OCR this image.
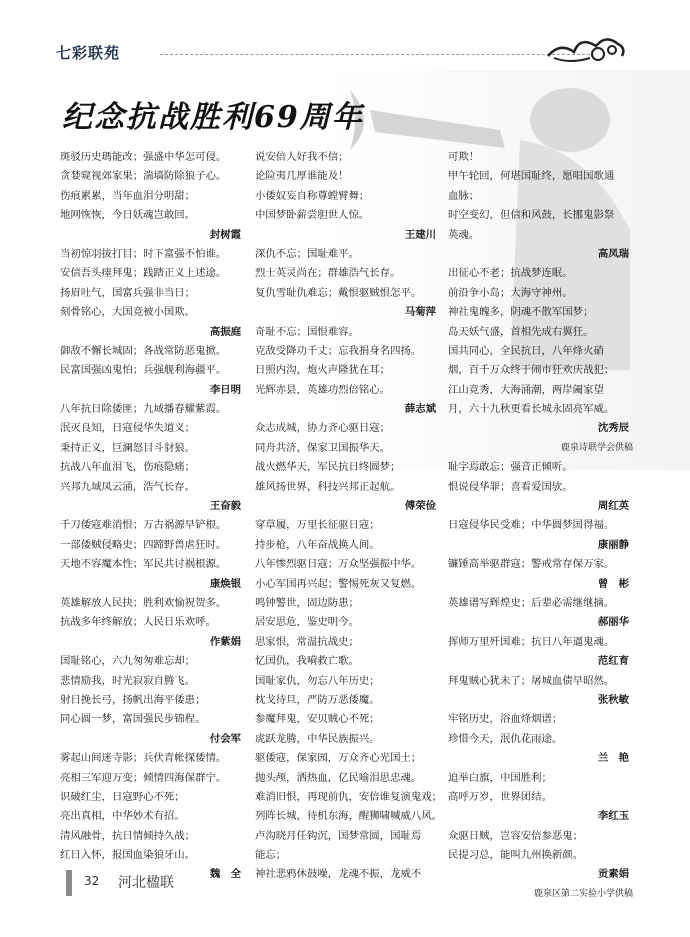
七彩联苑
纪念抗战胜利69周年
斑驳历史瑪能改；强盛中华怎可侵。
贪婪窥视郊家果；湍墙防除狼子心。
伤痕累累，当年血泪分明甜；
地网恢恢，今日妖魂岂敢回。
封树霞
当初惊羽拔打目；时下富强不怕谁。
安信吾头瘗拜鬼；践踏正义上述途。
扬眉吐气，国富兵强非当日；
刻骨铭心，大国竞被小国欺。
高振庭
御敌不懈长城固；各战常防恶鬼掀。
民富国强凶鬼怕；兵强舰利海疆平。
李日明
八年抗日除倭匪；九域播春耀紫霞。
泯灭良知，日寇侵华失道义；
秉持正义，巨澜怒目斗豺狼。
抗战八年血泪飞，伤痕隐痛；
兴邦九域凤云涌，浩气长存。
王奋毅
千刀倭寇难消恨；万古祸源早铲根。
一部倭贼侵略史；四蹄野兽虐狂时。
天地不容魔本性；军民共讨祸根源。
康焕银
英雄解放人民抉；胜利欢愉祝贺多。
抗战多年终解放；人民日乐欢呼。
作紫娟
国耻铭心，六九匆匆难忘却；
悲情励我，时光寂寂自腾飞。
射日挽长弓，扬帆出海平倭患；
同心圆一梦，富国强民步锦程。
付会军
雾起山间迷寺影；兵伏青帐探倭情。
亮相三军迎万变；倾情四海保群宁。
识破红尘，日寇野心不死；
亮出真相，中华妙术有招。
清风融骨，抗日情倾持久战；
红日入怀，报国血染狼牙山。
魏　全
说安倍人好我不信；
论险夷几厚谁能及！
小倭奴妄自称尊螳臂舞；
中国梦卧薪尝胆世人惊。
王建川
深仇不忘；国耻难平。
烈士英灵尚在；群雄浩气长存。
复仇雪耻仇难忘；戴恨驱贼恨怎平。
马菊萍
奇耻不忘；国恨难容。
克敌受降功千丈；忘我捐身名四扬。
日照内沟，炮火声隆犹在耳；
光辉赤县，英雄功烈倍铭心。
薛志斌
众志成城，协力齐心驱日寇；
同舟共济，保家卫国振华天。
战火燃华天，军民抗日终圆梦；
雄风扬世界，科技兴邦正起航。
傅荣俭
穿草履，万里长征驱日寇；
持步枪，八年奋战换人间。
八年惨烈驱日寇；万众坚强振中华。
小心军国再兴起；警惕死灰又复燃。
鸣钟警世，固边防患；
居安思危，鉴史明今。
思家恨，常温抗战史；
忆国仇，我嗬救亡歌。
国耻家仇，勿忘八年历史；
枕戈待旦，严防万恶倭魔。
参魔拜鬼，安贝贼心不死；
虎跃龙腾，中华民族振兴。
驱倭寇，保家园，万众齐心光国土；
抛头颅，洒热血，亿民喻泪思忠魂。
难消旧恨，再现前仇，安倍谁复演鬼戏；
列阵长城，待机东海，醒狮啸喊威八风。
卢沟晓月任钩沉，国梦常圆，国耻焉
能忘；
神社悲鸦休鼓噪，龙魂不振，龙威不
可欺！
甲午轮回，何堪国耻终，愿唱国歌通
血脉；
时空变幻，但信和风鼓，长挪鬼影祭
英魂。
高凤瑞
出征心不老；抗战梦连眠。
前沿争小岛；大海守神州。
神社鬼魄多，阴魂不散军国梦；
岛天妖气盛，首相先成右翼狂。
国共同心，全民抗日，八年烽火硝
烟，百千万众终于闹市狂欢庆战犯；
江山竞秀，大海涌潮，两岸阖家望
月，六十九秋更看长城永固亮军威。
沈秀辰
鹿泉诗联学会供稿
耻字焉敢忘；强音正倾听。
恨说侵华罪；喜看爱国欤。
周红英
日寇侵华民受难；中华圆梦国得福。
康丽静
镰锤高举驱群寇；警戒常存保万家。
曾　彬
英雄谱写辉煌史；后辈必需继继摘。
郝丽华
挥师万里歼国难；抗日八年逼鬼魂。
范红育
拜鬼贼心犹未了；屠城血债早昭然。
张秋敏
牢铭历史，浴血烽烟谱；
珍惜今天，泯仇花雨途。
兰　艳
迫举白旗，中国胜利；
高呼万岁，世界团结。
李红玉
众驱日贼，岂容安倍参恶鬼；
民提习总，能叫九州换新颜。
贡素娟
鹿泉区第二实验小学供稿
32 河北楹联
